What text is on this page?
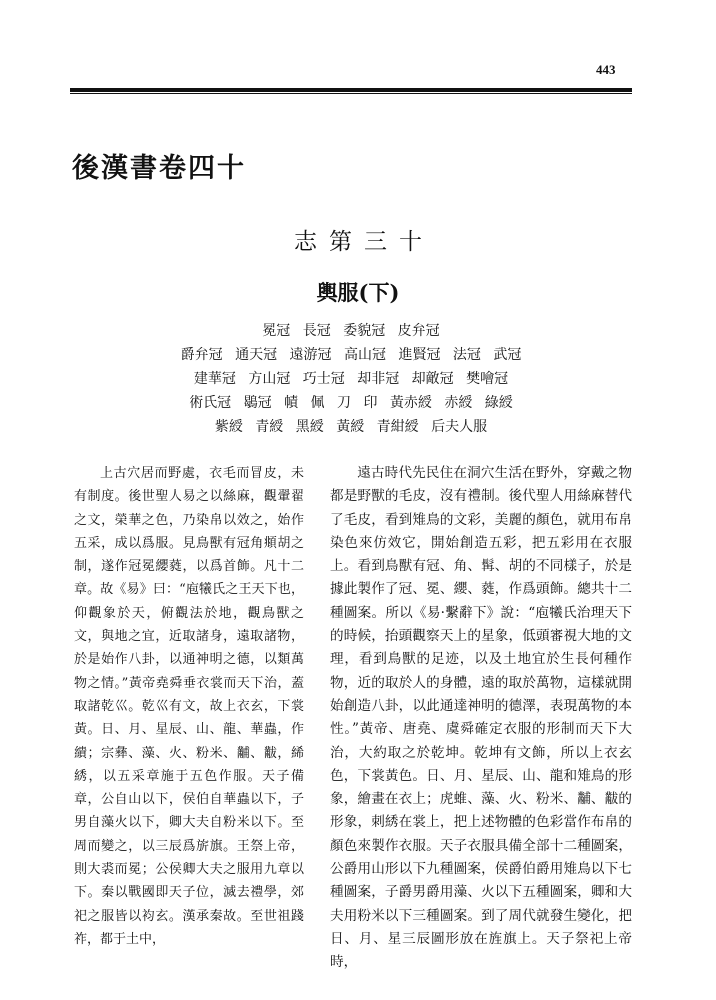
443
後漢書卷四十
志第三十
輿服(下)
冕冠 長冠 委貌冠 皮弁冠
爵弁冠 通天冠 遠游冠 高山冠 進賢冠 法冠 武冠
建華冠 方山冠 巧士冠 却非冠 却敵冠 樊噲冠
術氏冠 鶡冠 幘 佩 刀 印 黃赤綬 赤綬 綠綬
紫綬 青綬 黑綬 黃綬 青紺綬 后夫人服

上古穴居而野處，衣毛而冒皮，未有制度。後世聖人易之以絲麻，觀翬翟之文，榮華之色，乃染帛以效之，始作五采，成以爲服。見鳥獸有冠角頫胡之制，遂作冠冕纓蕤，以爲首飾。凡十二章。故《易》曰：“庖犧氏之王天下也，仰觀象於天，俯觀法於地，觀鳥獸之文，與地之宜，近取諸身，遠取諸物，於是始作八卦，以通神明之德，以類萬物之情。”黃帝堯舜垂衣裳而天下治，蓋取諸乾巛。乾巛有文，故上衣玄，下裳黃。日、月、星辰、山、龍、華蟲，作繢；宗彝、藻、火、粉米、黼、黻，絺綉，以五采章施于五色作服。天子備章，公自山以下，侯伯自華蟲以下，子男自藻火以下，卿大夫自粉米以下。至周而變之，以三辰爲旂旗。王祭上帝，則大裘而冕；公侯卿大夫之服用九章以下。秦以戰國即天子位，滅去禮學，郊祀之服皆以袀玄。漢承秦故。至世祖踐祚，都于土中，

遠古時代先民住在洞穴生活在野外，穿戴之物都是野獸的毛皮，沒有禮制。後代聖人用絲麻替代了毛皮，看到雉鳥的文彩，美麗的顏色，就用布帛染色來仿效它，開始創造五彩，把五彩用在衣服上。看到鳥獸有冠、角、髯、胡的不同樣子，於是據此製作了冠、冕、纓、蕤，作爲頭飾。總共十二種圖案。所以《易·繫辭下》說：“庖犧氏治理天下的時候，抬頭觀察天上的星象，低頭審視大地的文理，看到鳥獸的足迹，以及土地宜於生長何種作物，近的取於人的身體，遠的取於萬物，這樣就開始創造八卦，以此通達神明的德澤，表現萬物的本性。”黃帝、唐堯、虞舜確定衣服的形制而天下大治，大約取之於乾坤。乾坤有文飾，所以上衣玄色，下裳黃色。日、月、星辰、山、龍和雉鳥的形象，繪畫在衣上；虎蜼、藻、火、粉米、黼、黻的形象，刺綉在裳上，把上述物體的色彩當作布帛的顏色來製作衣服。天子衣服具備全部十二種圖案，公爵用山形以下九種圖案，侯爵伯爵用雉鳥以下七種圖案，子爵男爵用藻、火以下五種圖案，卿和大夫用粉米以下三種圖案。到了周代就發生變化，把日、月、星三辰圖形放在旌旗上。天子祭祀上帝時，
